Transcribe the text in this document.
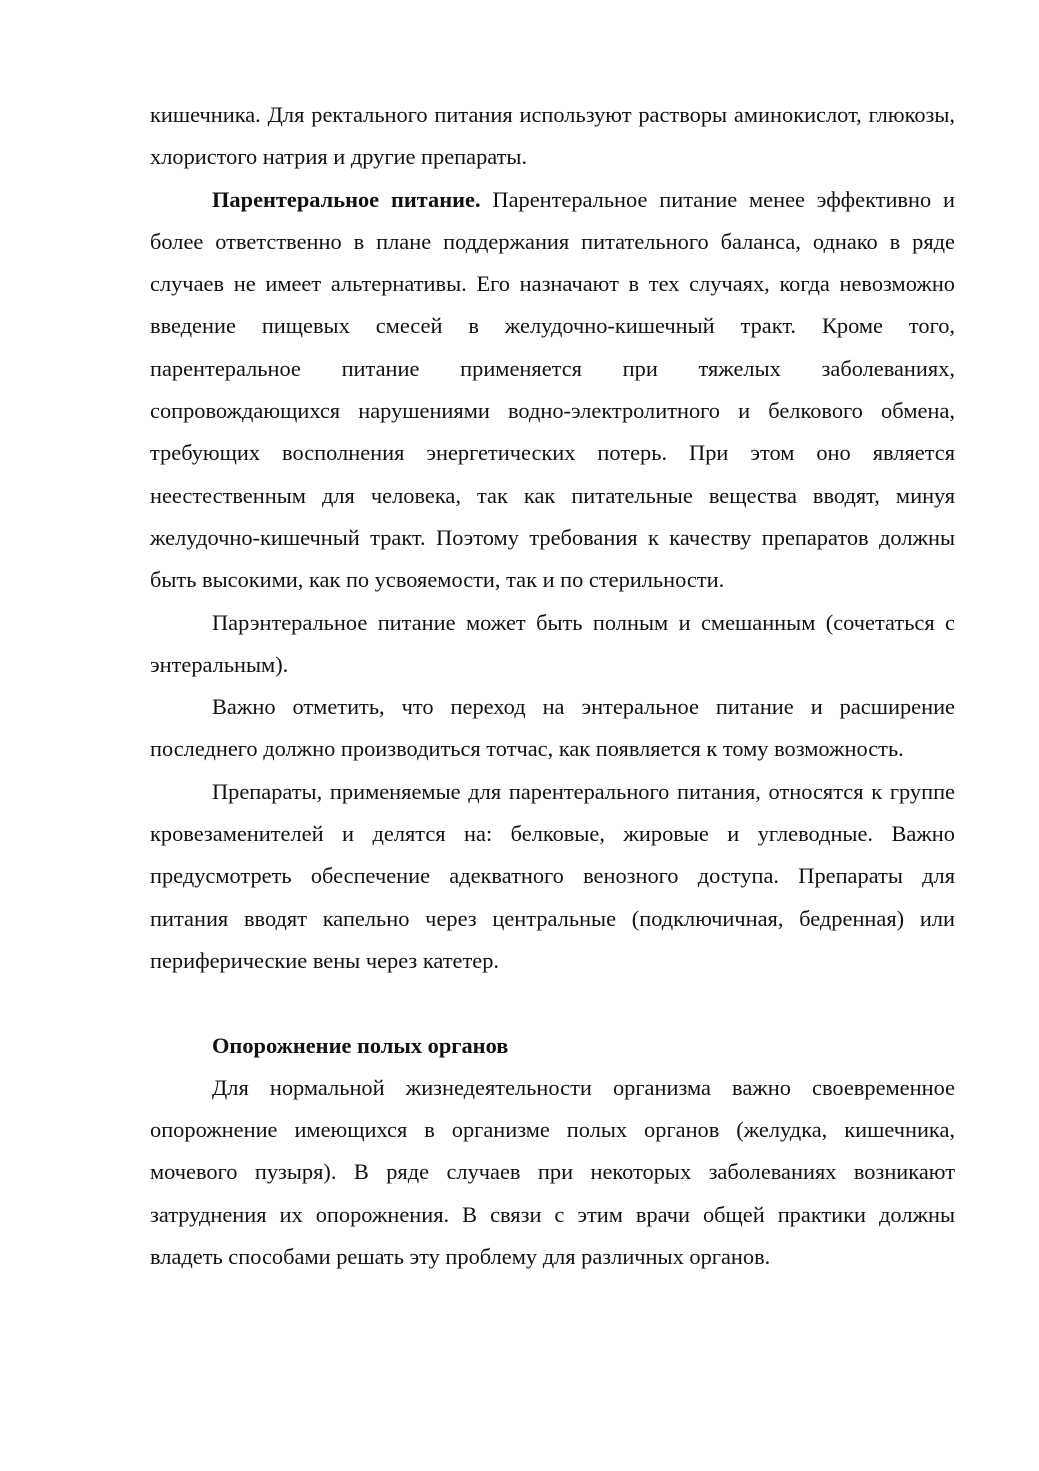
кишечника. Для ректального питания используют растворы аминокислот, глюкозы, хлористого натрия и другие препараты.

Парентеральное питание. Парентеральное питание менее эффективно и более ответственно в плане поддержания питательного баланса, однако в ряде случаев не имеет альтернативы. Его назначают в тех случаях, когда невозможно введение пищевых смесей в желудочно-кишечный тракт. Кроме того, парентеральное питание применяется при тяжелых заболеваниях, сопровождающихся нарушениями водно-электролитного и белкового обмена, требующих восполнения энергетических потерь. При этом оно является неестественным для человека, так как питательные вещества вводят, минуя желудочно-кишечный тракт. Поэтому требования к качеству препаратов должны быть высокими, как по усвояемости, так и по стерильности.

Парэнтеральное питание может быть полным и смешанным (сочетаться с энтеральным).

Важно отметить, что переход на энтеральное питание и расширение последнего должно производиться тотчас, как появляется к тому возможность.

Препараты, применяемые для парентерального питания, относятся к группе кровезаменителей и делятся на: белковые, жировые и углеводные. Важно предусмотреть обеспечение адекватного венозного доступа. Препараты для питания вводят капельно через центральные (подключичная, бедренная) или периферические вены через катетер.

Опорожнение полых органов

Для нормальной жизнедеятельности организма важно своевременное опорожнение имеющихся в организме полых органов (желудка, кишечника, мочевого пузыря). В ряде случаев при некоторых заболеваниях возникают затруднения их опорожнения. В связи с этим врачи общей практики должны владеть способами решать эту проблему для различных органов.
